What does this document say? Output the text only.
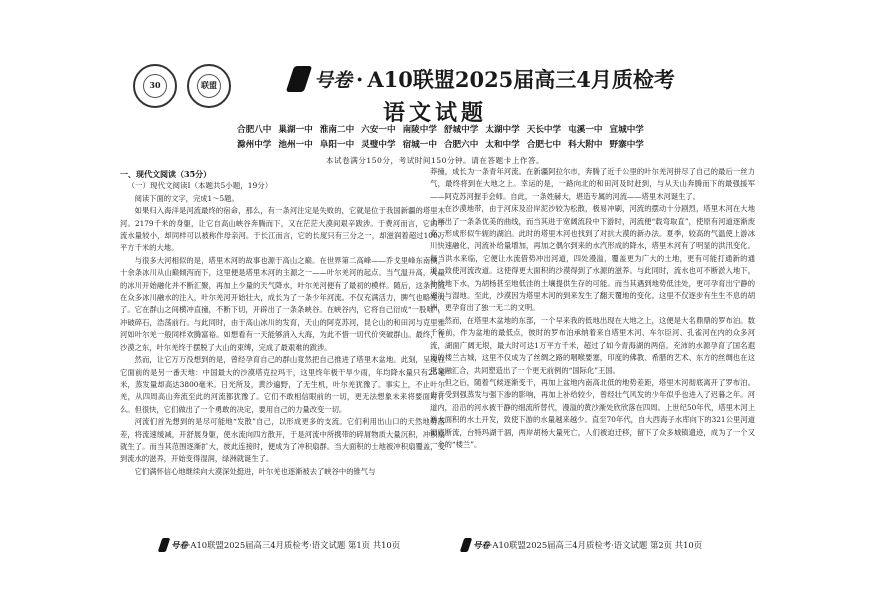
30	联盟	号卷 · A10联盟2025届高三4月质检考
语文试题
合肥八中 巢湖一中 淮南二中 六安一中 南陵中学 舒城中学 太湖中学 天长中学 屯溪一中 宣城中学
滁州中学 池州一中 阜阳一中 灵璧中学 宿城一中 合肥六中 太和中学 合肥七中 科大附中 野寨中学
本试卷满分150分，考试时间150分钟。请在答题卡上作答。
一、现代文阅读（35分）
（一）现代文阅读Ⅰ（本题共5小题，19分）

阅读下面的文字，完成1～5题。

如果归入海洋是河流最终的宿命，那么，有一条河注定是失败的，它就是位于我国新疆的塔里木河。2179千米的身躯，让它自高山峡谷奔腾而下，又在茫茫大漠间艰辛跋涉。于费河而言，它的干流水量较小，却同样可以被称作母亲河。于长江而言，它的长度只有三分之一，却滋润着超过100万平方千米的大地。

与很多大河相似的是，塔里木河的故事也源于高山之巅。在世界第二高峰——乔戈里峰东南侧，十余条冰川从山巅倾泻而下，这里便是塔里木河的主源之一——叶尔羌河的起点。当气温升高，大量的冰川开始融化并不断汇聚，再加上少量的天气降水，叶尔羌河便有了最初的模样。随后，这条河流在众多冰川融水的注入，叶尔羌河开始壮大，成长为了一条少年河流。不仅充满活力，脾气也略发大了。它在群山之间横冲直撞，不断下切，开辟出了一条条峡谷。在峡谷内，它将自己衍成“一股咄”，冲破碎石，浩荡前行。与此同时，由于高山冰川的发育，天山的阿克苏河，昆仑山的和田河与克里雅河如叶尔羌一般同样欢腾富裕。如想看有一天能够消入大海，为此不惜一切代价突破群山。最终，在沙漠之东，叶尔羌终于摆脱了大山的束缚，完成了最艰难的跋涉。

然而，让它万万没想到的是，曾经孕育自己的群山竟然把自己推进了塔里木盆地。此刻，呈现在它面前的是另一番天地：中国最大的沙漠塔克拉玛干，这里终年极干旱少雨，年均降水量只有25毫米，蒸发量却高达3800毫米。日光所及，黄沙遍野，了无生机，叶尔羌犹豫了。事实上，不止叶尔羌，从四周高山奔流至此的河流都犹豫了。它们不敢相信眼前的一切，更无法想象未来将要面对什么。但很快，它们做出了一个勇敢的决定，要用自己的力量改变一切。

河流们首先想到的是尽可能地“发散”自己，以形成更多的支流。它们利用出山口的天然地势落差，将流速缓减，开舒展身躯，使水流向四方散开，于是河流中所携带的碎屑物质大量沉积，冲积扇就生了。而当其范围逐渐扩大，彼此连接时，便成为了冲积扇群。当大面积的土地被冲积扇覆盖，受到流水的滋养，开始变得湿润，绿洲就诞生了。

它们满怀信心地继续向大漠深处挺进，叶尔羌也逐渐被去了峡谷中的锥气与

莽撞，成长为一条青年河流。在新疆阿拉尔市，奔腾了近千公里的叶尔羌河拼尽了自己的最后一丝力气，最终将到在大地之上。幸运的是，一路向北的和田河及时赶到，与从天山奔腾而下的最强援军——阿克苏河握手会师。自此，一条姓赫大，堪造专属的河流——塔里木河诞生了。

在沙漠地带，由于河床及沿岸泥沙较为松散，极易冲刷，河流的摆动十分剧烈，塔里木河在大地上画出了一条条优美的曲线，而当其进于宽阔流段中下游时，河流便“载弯取直”，使原有河道逐渐废弃，形成形似牛轭的湖泊。此时的塔里木河也找到了对抗大漠的新办法。夏季，较高的气温使上游冰川快速融化，河流补给量增加，再加之偶尔到来的水汽形成的降水，塔里木河有了明显的洪汛变化。每当洪水来临，它便让水流借势冲出河道，四处漫溢，覆盖更为广大的土地，更有可能打通新的通道，致使河流改道。这使得更大面积的沙漠得到了水源的滋养。与此同时，流水也可不断淤入地下，补给地下水，为胡杨甚至地低洼的土壤提供生存的可能。而当其遇到地势低洼处，更可孕育出宁静的湖泊与湿地。至此，沙漠因为塔里木河的到来发生了翻天覆地的变化。这里不仅逐步有生生不息的胡洲，更孕育出了独一无二的文明。

然而，在塔里木盆地的东部，一个早来我的低地出现在大地之上，这便是大名鼎鼎的罗布泊。数千年前，作为盆地的最低点，彼时的罗布泊承纳着来自塔里木河、车尔臣河、孔雀河在内的众多河流，湖面广阔无垠，最大时可达1万平方千米，超过了如今青海湖的两倍。充沛的水源孕育了国名遐迩的楼兰古城，这里不仅成为了丝绸之路的咽喉要塞，印度的佛教、希腊的艺术、东方的丝绸也在这里交融汇合，共同塑造出了一个更无前例的“国际化”王国。

但之后，随着气候逐渐变干，再加上盆地内南高北低的地势差距，塔里木河彻底离开了罗布泊。由于受到强蒸发与强下渗的影响，再加上补给较少，曾经壮气风发的少年似乎也进入了迟暮之年。河道内，沿沿的河水被干静的细流所替代，漫溢的黄沙渐处欣欣落在四周。上世纪50年代，塔里木河上游大面积的水土开发，致使下游的水量越来越少。直至70年代，自大西海子水库向下的321公里河道彻底断流，台特玛湖干涸，两岸胡杨大量死亡，人们被迫迁移，留下了众多城镇遗迹，成为了一个又一个的“楼兰”。

号卷·A10联盟2025届高三4月质检考·语文试题 第1页 共10页	号卷·A10联盟2025届高三4月质检考·语文试题 第2页 共10页
